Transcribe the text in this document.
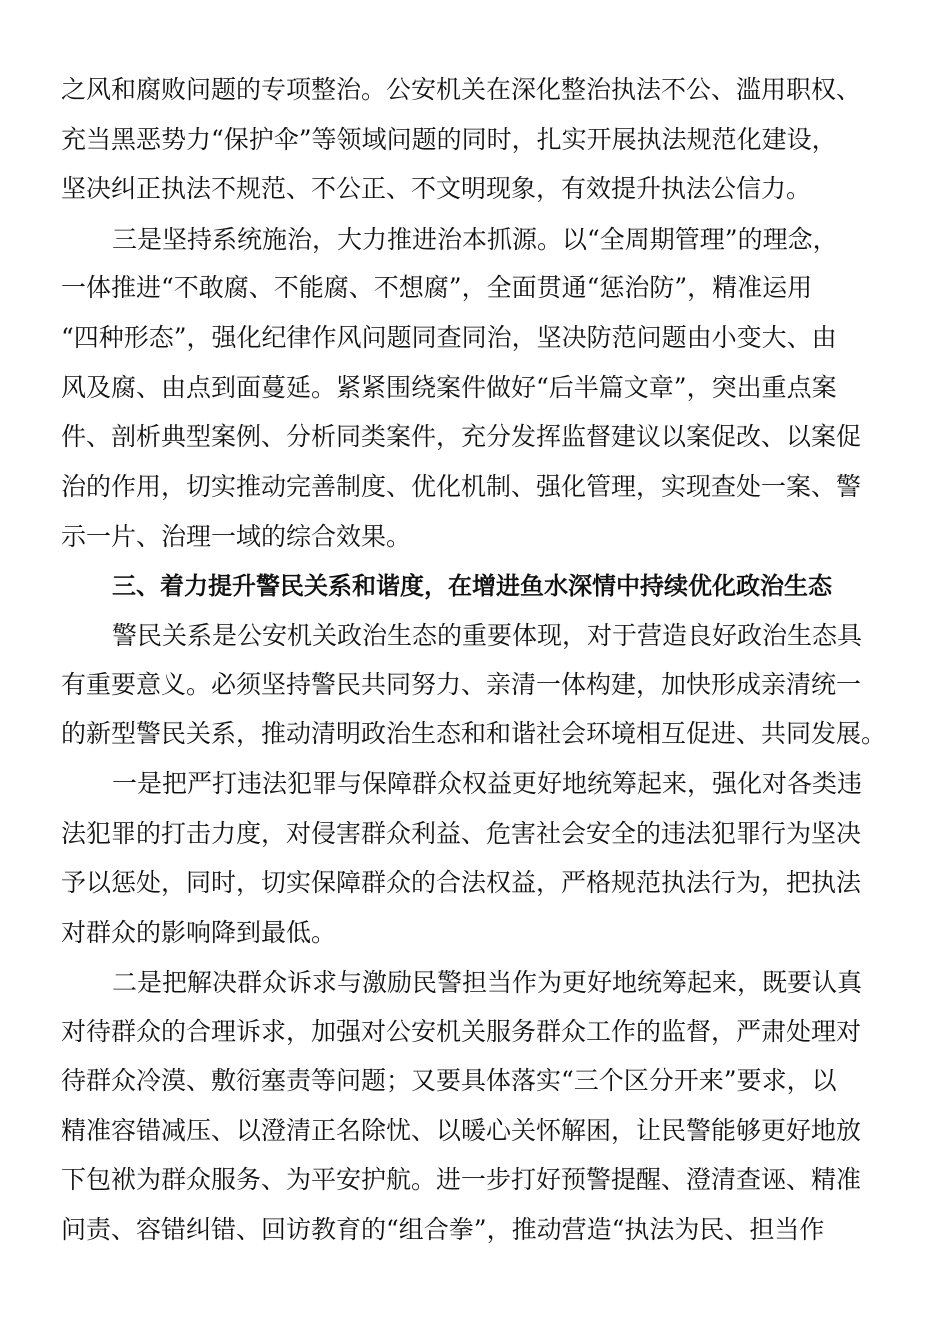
之风和腐败问题的专项整治。公安机关在深化整治执法不公、滥用职权、
充当黑恶势力“保护伞”等领域问题的同时，扎实开展执法规范化建设，
坚决纠正执法不规范、不公正、不文明现象，有效提升执法公信力。
三是坚持系统施治，大力推进治本抓源。以“全周期管理”的理念，
一体推进“不敢腐、不能腐、不想腐”，全面贯通“惩治防”，精准运用
“四种形态”，强化纪律作风问题同查同治，坚决防范问题由小变大、由
风及腐、由点到面蔓延。紧紧围绕案件做好“后半篇文章”，突出重点案
件、剖析典型案例、分析同类案件，充分发挥监督建议以案促改、以案促
治的作用，切实推动完善制度、优化机制、强化管理，实现查处一案、警
示一片、治理一域的综合效果。
三、着力提升警民关系和谐度，在增进鱼水深情中持续优化政治生态
警民关系是公安机关政治生态的重要体现，对于营造良好政治生态具
有重要意义。必须坚持警民共同努力、亲清一体构建，加快形成亲清统一
的新型警民关系，推动清明政治生态和和谐社会环境相互促进、共同发展。
一是把严打违法犯罪与保障群众权益更好地统筹起来，强化对各类违
法犯罪的打击力度，对侵害群众利益、危害社会安全的违法犯罪行为坚决
予以惩处，同时，切实保障群众的合法权益，严格规范执法行为，把执法
对群众的影响降到最低。
二是把解决群众诉求与激励民警担当作为更好地统筹起来，既要认真
对待群众的合理诉求，加强对公安机关服务群众工作的监督，严肃处理对
待群众冷漠、敷衍塞责等问题；又要具体落实“三个区分开来”要求，以
精准容错减压、以澄清正名除忧、以暖心关怀解困，让民警能够更好地放
下包袱为群众服务、为平安护航。进一步打好预警提醒、澄清查诬、精准
问责、容错纠错、回访教育的“组合拳”，推动营造“执法为民、担当作
